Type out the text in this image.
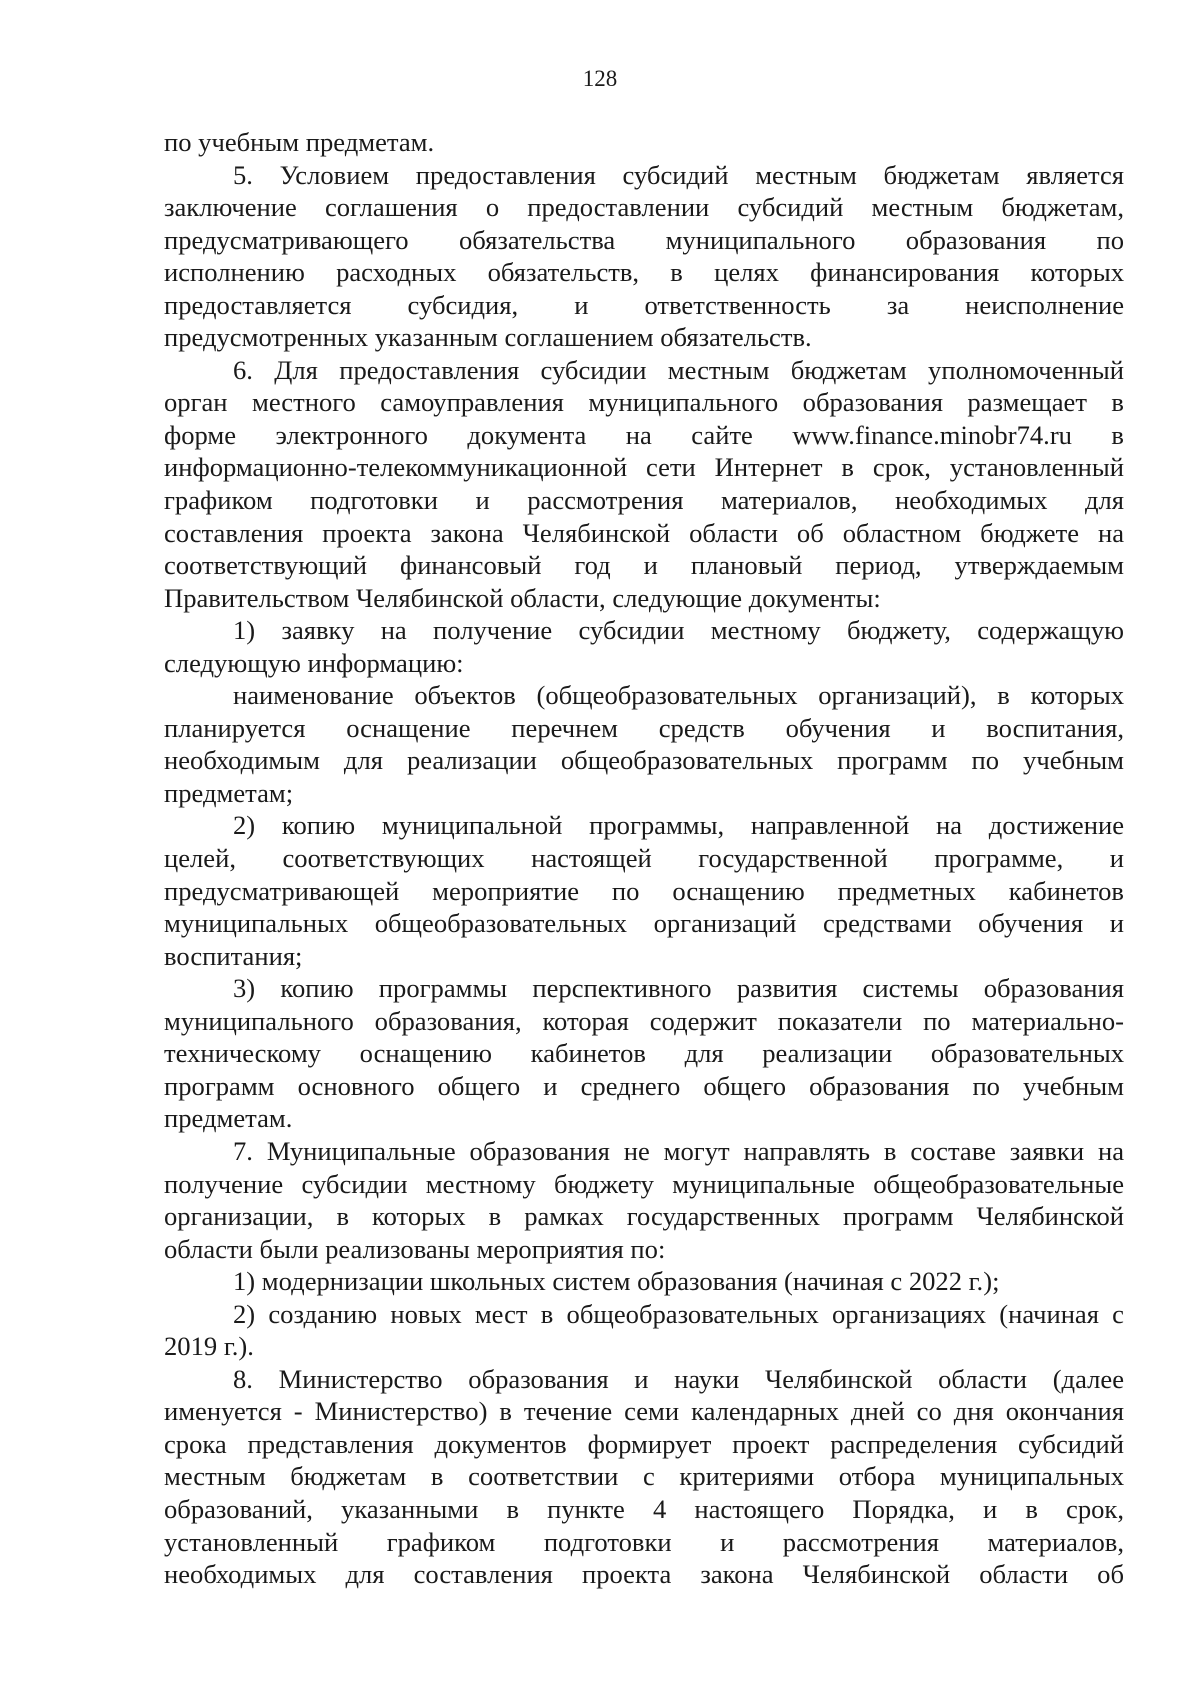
128
по учебным предметам.
5. Условием предоставления субсидий местным бюджетам является
заключение соглашения о предоставлении субсидий местным бюджетам,
предусматривающего обязательства муниципального образования по
исполнению расходных обязательств, в целях финансирования которых
предоставляется субсидия, и ответственность за неисполнение
предусмотренных указанным соглашением обязательств.
6. Для предоставления субсидии местным бюджетам уполномоченный
орган местного самоуправления муниципального образования размещает в
форме электронного документа на сайте www.finance.minobr74.ru в
информационно-телекоммуникационной сети Интернет в срок, установленный
графиком подготовки и рассмотрения материалов, необходимых для
составления проекта закона Челябинской области об областном бюджете на
соответствующий финансовый год и плановый период, утверждаемым
Правительством Челябинской области, следующие документы:
1) заявку на получение субсидии местному бюджету, содержащую
следующую информацию:
наименование объектов (общеобразовательных организаций), в которых
планируется оснащение перечнем средств обучения и воспитания,
необходимым для реализации общеобразовательных программ по учебным
предметам;
2) копию муниципальной программы, направленной на достижение
целей, соответствующих настоящей государственной программе, и
предусматривающей мероприятие по оснащению предметных кабинетов
муниципальных общеобразовательных организаций средствами обучения и
воспитания;
3) копию программы перспективного развития системы образования
муниципального образования, которая содержит показатели по материально-
техническому оснащению кабинетов для реализации образовательных
программ основного общего и среднего общего образования по учебным
предметам.
7. Муниципальные образования не могут направлять в составе заявки на
получение субсидии местному бюджету муниципальные общеобразовательные
организации, в которых в рамках государственных программ Челябинской
области были реализованы мероприятия по:
1) модернизации школьных систем образования (начиная с 2022 г.);
2) созданию новых мест в общеобразовательных организациях (начиная с
2019 г.).
8. Министерство образования и науки Челябинской области (далее
именуется - Министерство) в течение семи календарных дней со дня окончания
срока представления документов формирует проект распределения субсидий
местным бюджетам в соответствии с критериями отбора муниципальных
образований, указанными в пункте 4 настоящего Порядка, и в срок,
установленный графиком подготовки и рассмотрения материалов,
необходимых для составления проекта закона Челябинской области об
